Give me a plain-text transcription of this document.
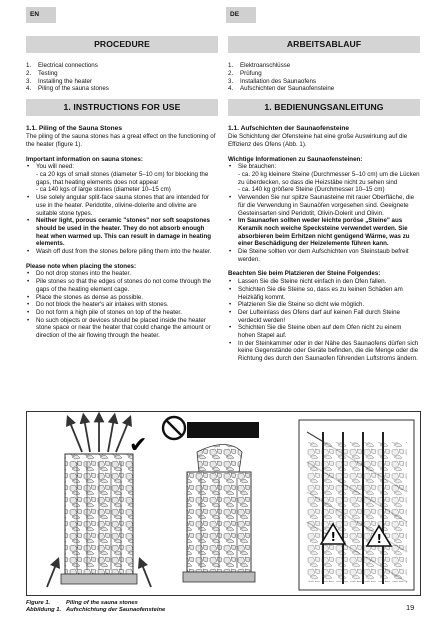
EN	DE
PROCEDURE
1. Electrical connections
2. Testing
3. Installing the heater
4. Piling of the sauna stones
1. INSTRUCTIONS FOR USE
1.1. Piling of the Sauna Stones

The piling of the sauna stones has a great effect on the functioning of the heater (figure 1).

Important information on sauna stones:
• You will need:
- ca 20 kgs of small stones (diameter 5–10 cm) for blocking the gaps, that heating elements does not appear
- ca 140 kgs of large stones (diameter 10–15 cm)
• Use solely angular split-face sauna stones that are intended for use in the heater. Peridotite, olivine-dolerite and olivine are suitable stone types.
• Neither light, porous ceramic "stones" nor soft soapstones should be used in the heater. They do not absorb enough heat when warmed up. This can result in damage in heating elements.
• Wash off dust from the stones before piling them into the heater.
Please note when placing the stones:
• Do not drop stones into the heater.
• Pile stones so that the edges of stones do not come through the gaps of the heating element cage.
• Place the stones as dense as possible.
• Do not block the heater's air intakes with stones.
• Do not form a high pile of stones on top of the heater.
• No such objects or devices should be placed inside the heater stone space or near the heater that could change the amount or direction of the air flowing through the heater.
ARBEITSABLAUF
1. Elektroanschlüsse
2. Prüfung
3. Installation des Saunaofens
4. Aufschichten der Saunaofensteine
1. BEDIENUNGSANLEITUNG
1.1. Aufschichten der Saunaofensteine

Die Schichtung der Ofensteine hat eine große Auswirkung auf die Effizienz des Ofens (Abb. 1).

Wichtige Informationen zu Saunaofensteinen:
• Sie brauchen:
- ca. 20 kg kleinere Steine (Durchmesser 5–10 cm) um die Lücken zu überdecken, so dass die Heizstäbe nicht zu sehen sind
- ca. 140 kg größere Steine (Durchmesser 10–15 cm)
• Verwenden Sie nur spitze Saunasteine mit rauer Oberfläche, die für die Verwendung in Saunaöfen vorgesehen sind. Geeignete Gesteinsarten sind Peridotit, Olivin-Dolerit und Olivin.
• Im Saunaofen sollten weder leichte poröse „Steine" aus Keramik noch weiche Specksteine verwendet werden. Sie absorbieren beim Erhitzen nicht genügend Wärme, was zu einer Beschädigung der Heizelemente führen kann.
• Die Steine sollten vor dem Aufschichten von Steinstaub befreit werden.
Beachten Sie beim Platzieren der Steine Folgendes:
• Lassen Sie die Steine nicht einfach in den Ofen fallen.
• Schichten Sie die Steine so, dass es zu keinen Schäden am Heizkäfig kommt.
• Platzieren Sie die Steine so dicht wie möglich.
• Der Lufteinlass des Ofens darf auf keinen Fall durch Steine verdeckt werden!
• Schichten Sie die Steine oben auf dem Ofen nicht zu einem hohen Stapel auf.
• In der Steinkammer oder in der Nähe des Saunaofens dürfen sich keine Gegenstände oder Geräte befinden, die die Menge oder die Richtung des durch den Saunaofen führenden Luftstroms ändern.
✔
!	!
Figure 1.	Piling of the sauna stones
Abbildung 1. Aufschichtung der Saunaofensteine	19
